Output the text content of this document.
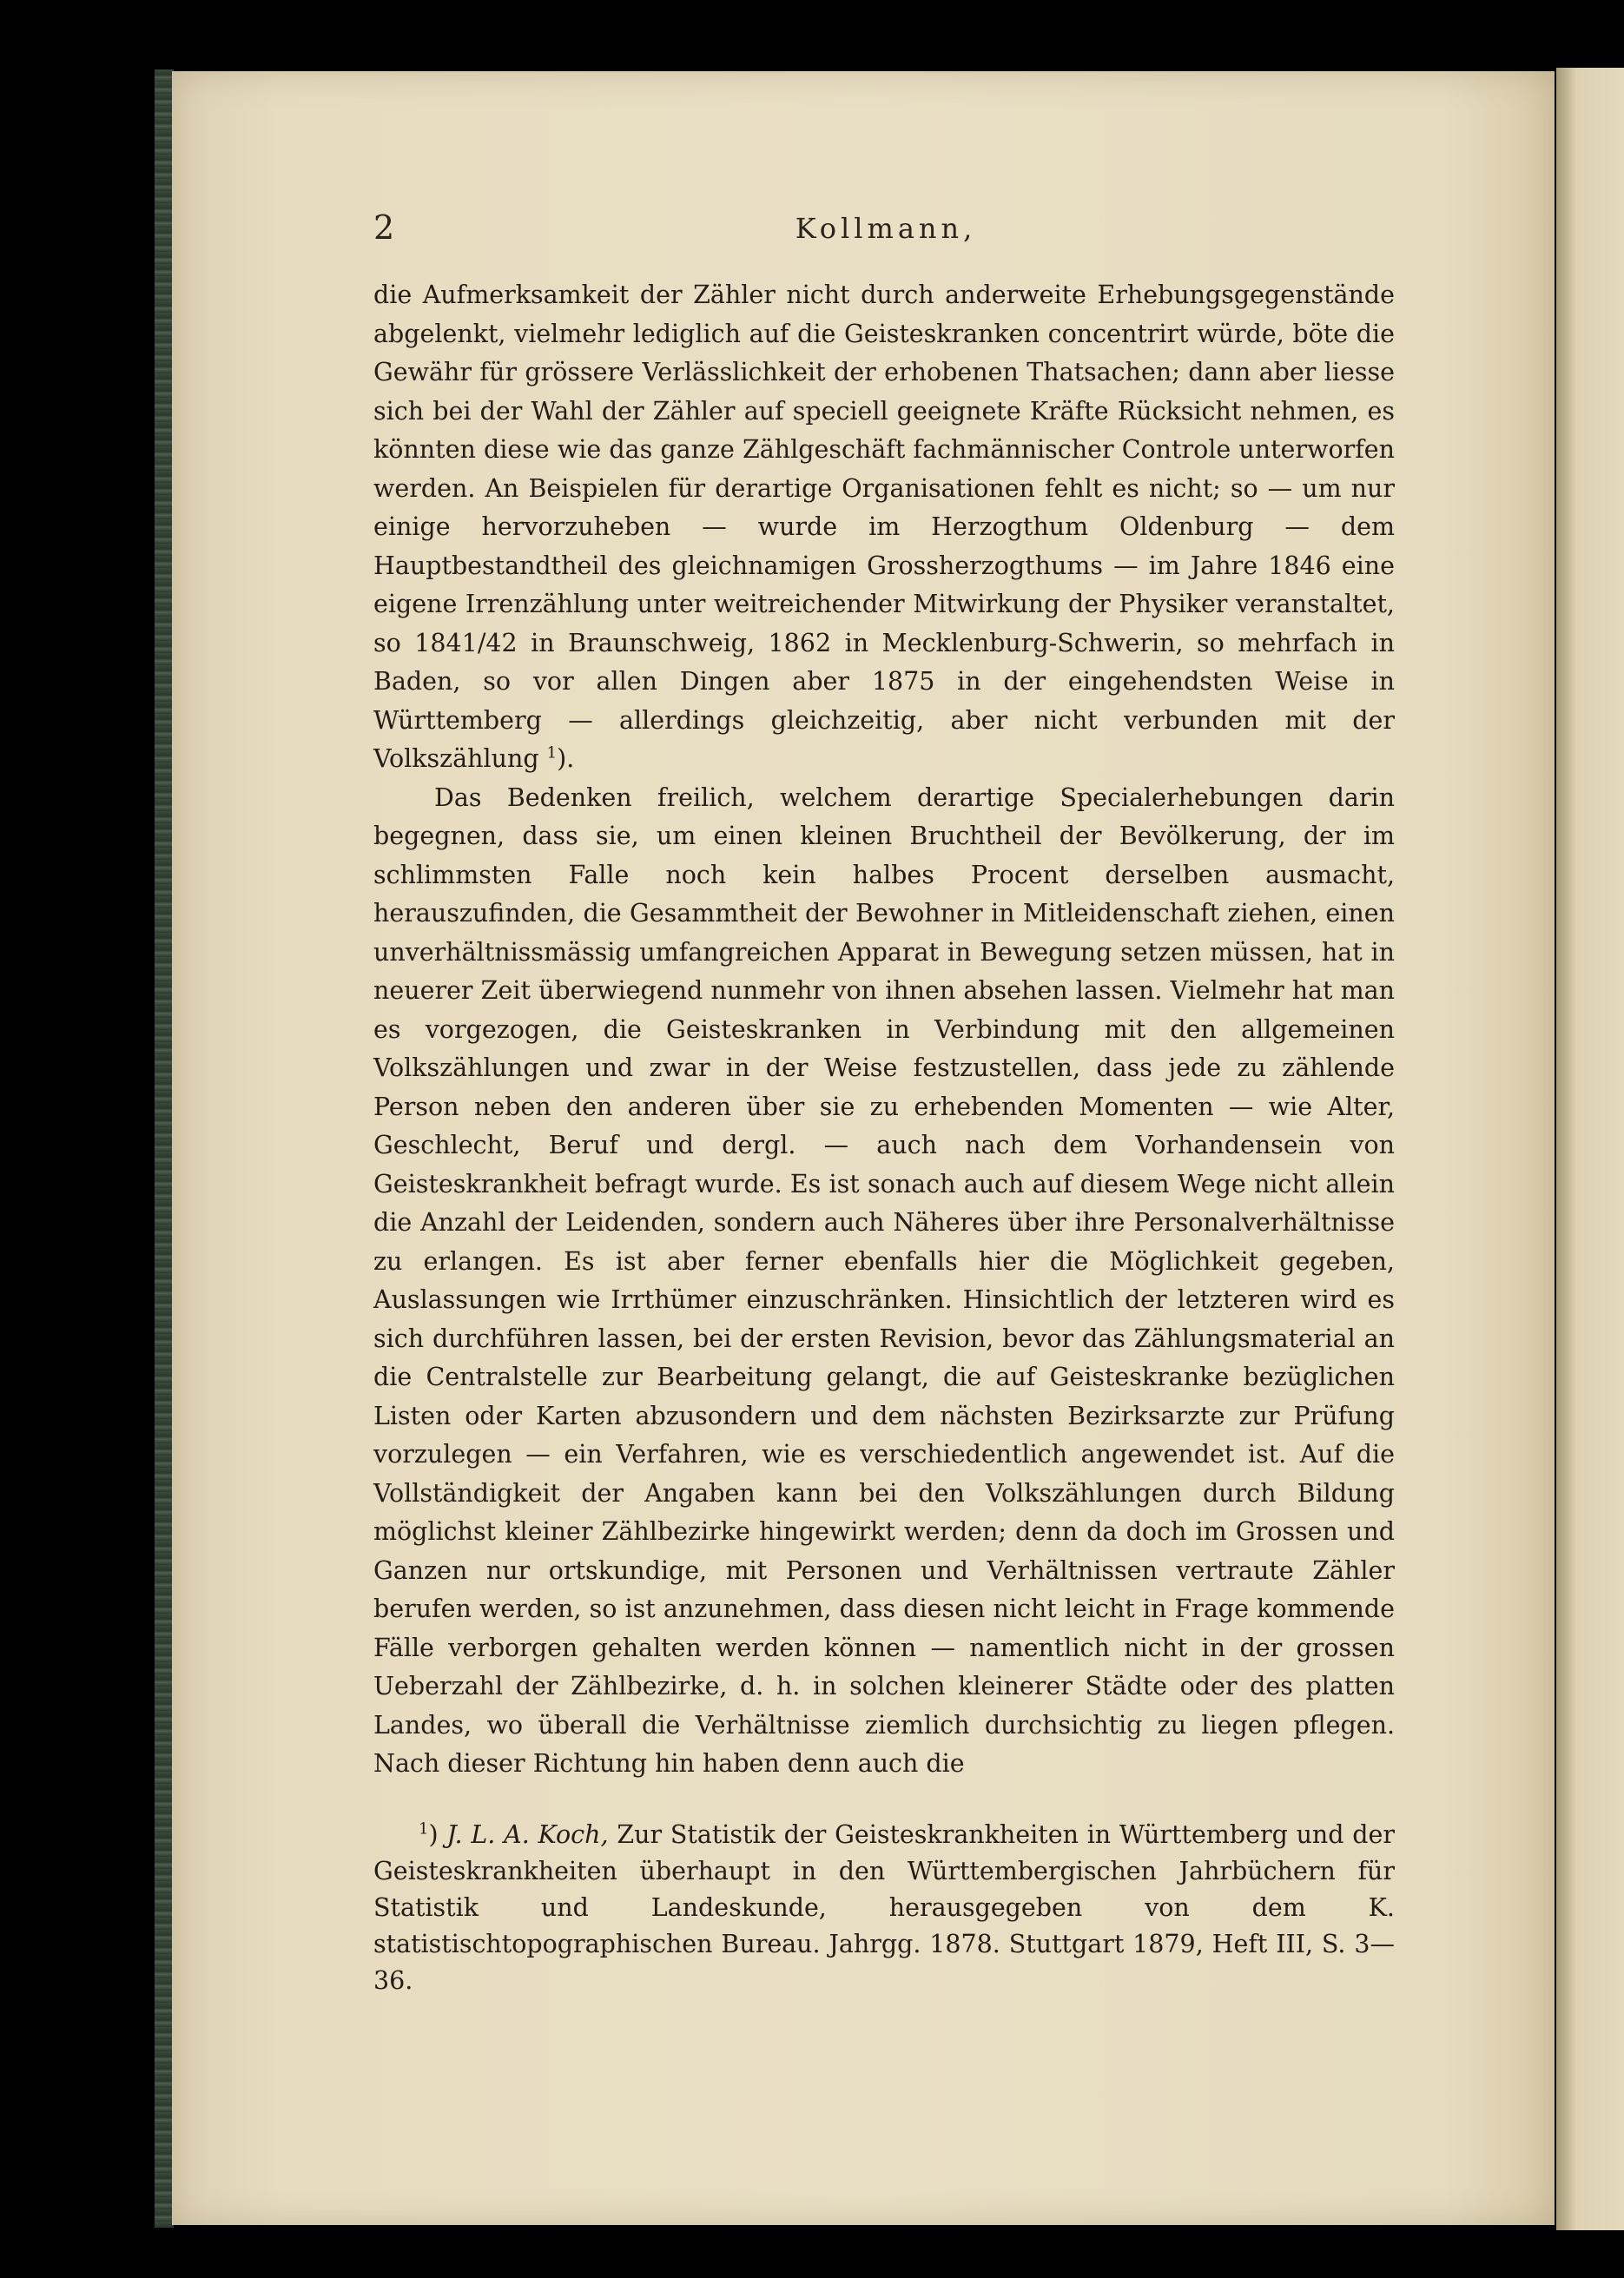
2	Kollmann,

die Aufmerksamkeit der Zähler nicht durch anderweite Erhebungsgegenstände abgelenkt, vielmehr lediglich auf die Geisteskranken concentrirt würde, böte die Gewähr für grössere Verlässlichkeit der erhobenen Thatsachen; dann aber liesse sich bei der Wahl der Zähler auf speciell geeignete Kräfte Rücksicht nehmen, es könnten diese wie das ganze Zählgeschäft fachmännischer Controle unterworfen werden. An Beispielen für derartige Organisationen fehlt es nicht; so — um nur einige hervorzuheben — wurde im Herzogthum Oldenburg — dem Hauptbestandtheil des gleichnamigen Grossherzogthums — im Jahre 1846 eine eigene Irrenzählung unter weitreichender Mitwirkung der Physiker veranstaltet, so 1841/42 in Braunschweig, 1862 in Mecklenburg-Schwerin, so mehrfach in Baden, so vor allen Dingen aber 1875 in der eingehendsten Weise in Württemberg — allerdings gleichzeitig, aber nicht verbunden mit der Volkszählung $^1$).

Das Bedenken freilich, welchem derartige Specialerhebungen darin begegnen, dass sie, um einen kleinen Bruchtheil der Bevölkerung, der im schlimmsten Falle noch kein halbes Procent derselben ausmacht, herauszufinden, die Gesammtheit der Bewohner in Mitleidenschaft ziehen, einen unverhältnissmässig umfangreichen Apparat in Bewegung setzen müssen, hat in neuerer Zeit überwiegend nunmehr von ihnen absehen lassen. Vielmehr hat man es vorgezogen, die Geisteskranken in Verbindung mit den allgemeinen Volkszählungen und zwar in der Weise festzustellen, dass jede zu zählende Person neben den anderen über sie zu erhebenden Momenten — wie Alter, Geschlecht, Beruf und dergl. — auch nach dem Vorhandensein von Geisteskrankheit befragt wurde. Es ist sonach auch auf diesem Wege nicht allein die Anzahl der Leidenden, sondern auch Näheres über ihre Personalverhältnisse zu erlangen. Es ist aber ferner ebenfalls hier die Möglichkeit gegeben, Auslassungen wie Irrthümer einzuschränken. Hinsichtlich der letzteren wird es sich durchführen lassen, bei der ersten Revision, bevor das Zählungsmaterial an die Centralstelle zur Bearbeitung gelangt, die auf Geisteskranke bezüglichen Listen oder Karten abzusondern und dem nächsten Bezirksarzte zur Prüfung vorzulegen — ein Verfahren, wie es verschiedentlich angewendet ist. Auf die Vollständigkeit der Angaben kann bei den Volkszählungen durch Bildung möglichst kleiner Zählbezirke hingewirkt werden; denn da doch im Grossen und Ganzen nur ortskundige, mit Personen und Verhältnissen vertraute Zähler berufen werden, so ist anzunehmen, dass diesen nicht leicht in Frage kommende Fälle verborgen gehalten werden können — namentlich nicht in der grossen Ueberzahl der Zählbezirke, d. h. in solchen kleinerer Städte oder des platten Landes, wo überall die Verhältnisse ziemlich durchsichtig zu liegen pflegen. Nach dieser Richtung hin haben denn auch die

$^1$) J. L. A. Koch, Zur Statistik der Geisteskrankheiten in Württemberg und der Geisteskrankheiten überhaupt in den Württembergischen Jahrbüchern für Statistik und Landeskunde, herausgegeben von dem K. statistischtopographischen Bureau. Jahrgg. 1878. Stuttgart 1879, Heft III, S. 3—36.
